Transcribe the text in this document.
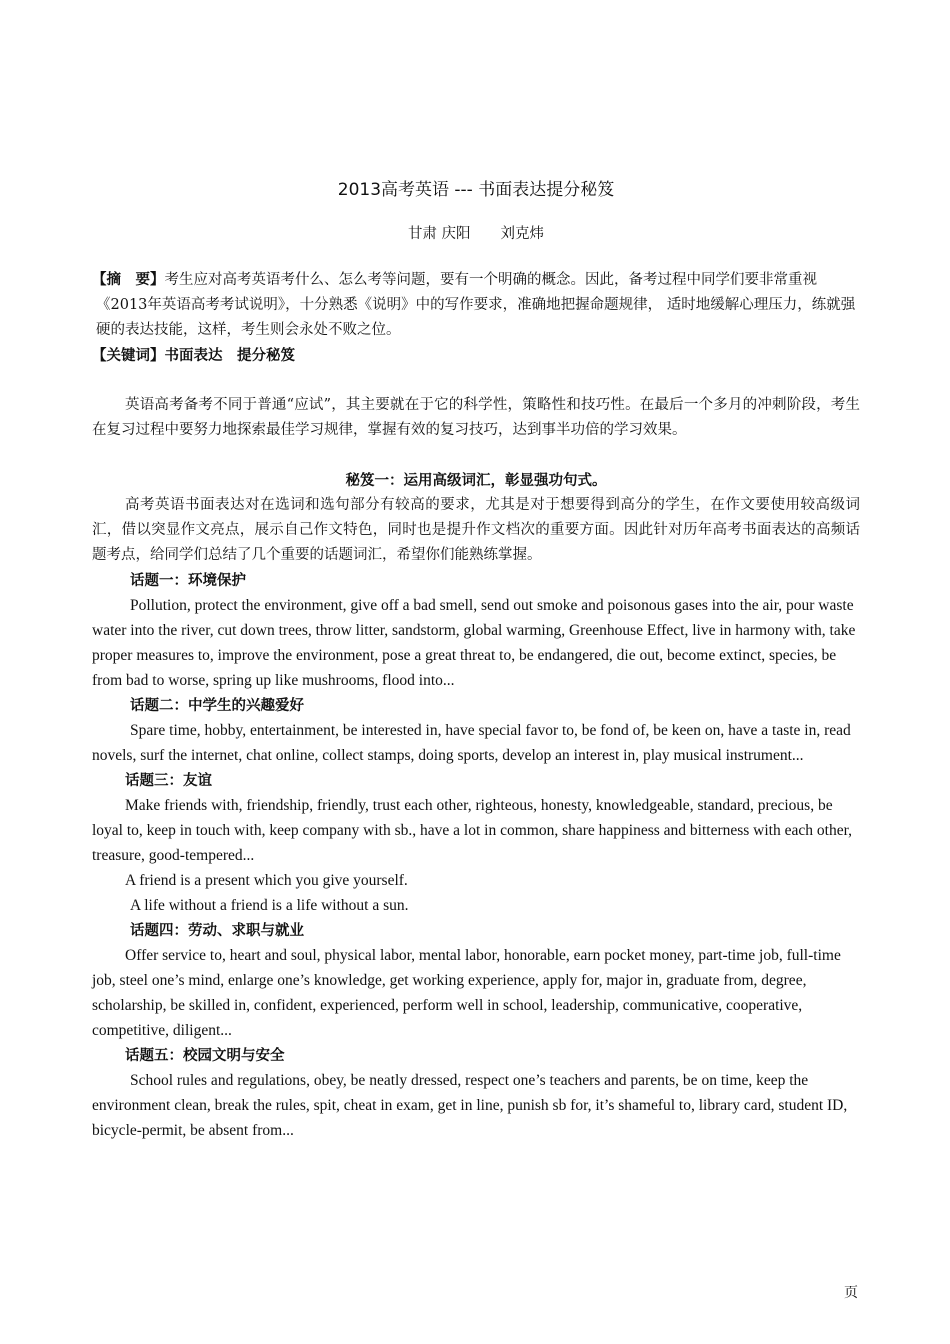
2013高考英语 --- 书面表达提分秘笈
甘肃 庆阳 刘克炜

【摘　要】考生应对高考英语考什么、怎么考等问题，要有一个明确的概念。因此，备考过程中同学们要非常重视《2013年英语高考考试说明》，十分熟悉《说明》中的写作要求，准确地把握命题规律， 适时地缓解心理压力，练就强硬的表达技能，这样，考生则会永处不败之位。

【关键词】书面表达　提分秘笈

英语高考备考不同于普通“应试”，其主要就在于它的科学性，策略性和技巧性。在最后一个多月的冲刺阶段，考生在复习过程中要努力地探索最佳学习规律，掌握有效的复习技巧，达到事半功倍的学习效果。

秘笈一：运用高级词汇，彰显强功句式。

高考英语书面表达对在选词和选句部分有较高的要求，尤其是对于想要得到高分的学生，在作文要使用较高级词汇，借以突显作文亮点，展示自己作文特色，同时也是提升作文档次的重要方面。因此针对历年高考书面表达的高频话题考点，给同学们总结了几个重要的话题词汇，希望你们能熟练掌握。

话题一：环境保护

Pollution, protect the environment, give off a bad smell, send out smoke and poisonous gases into the air, pour waste water into the river, cut down trees, throw litter, sandstorm, global warming, Greenhouse Effect, live in harmony with, take proper measures to, improve the environment, pose a great threat to, be endangered, die out, become extinct, species, be from bad to worse, spring up like mushrooms, flood into...

话题二：中学生的兴趣爱好

Spare time, hobby, entertainment, be interested in, have special favor to, be fond of, be keen on, have a taste in, read novels, surf the internet, chat online, collect stamps, doing sports, develop an interest in, play musical instrument...

话题三：友谊

Make friends with, friendship, friendly, trust each other, righteous, honesty, knowledgeable, standard, precious, be loyal to, keep in touch with, keep company with sb., have a lot in common, share happiness and bitterness with each other, treasure, good-tempered...

A friend is a present which you give yourself.

A life without a friend is a life without a sun.

话题四：劳动、求职与就业

Offer service to, heart and soul, physical labor, mental labor, honorable, earn pocket money, part-time job, full-time job, steel one’s mind, enlarge one’s knowledge, get working experience, apply for, major in, graduate from, degree, scholarship, be skilled in, confident, experienced, perform well in school, leadership, communicative, cooperative, competitive, diligent...

话题五：校园文明与安全

School rules and regulations, obey, be neatly dressed, respect one’s teachers and parents, be on time, keep the environment clean, break the rules, spit, cheat in exam, get in line, punish sb for, it’s shameful to, library card, student ID, bicycle-permit, be absent from...

页
